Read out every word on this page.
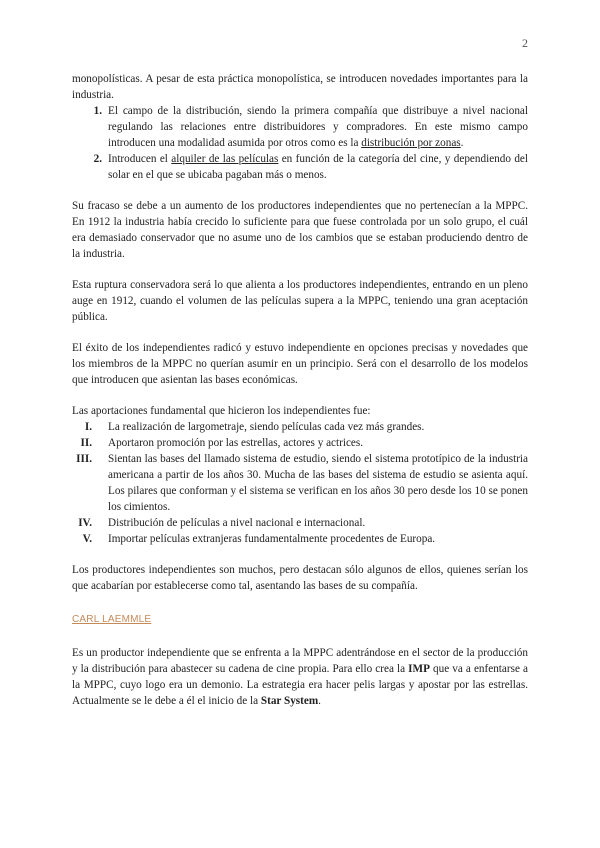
2

monopolísticas. A pesar de esta práctica monopolística, se introducen novedades importantes para la industria.

1. El campo de la distribución, siendo la primera compañía que distribuye a nivel nacional regulando las relaciones entre distribuidores y compradores. En este mismo campo introducen una modalidad asumida por otros como es la distribución por zonas.
2. Introducen el alquiler de las películas en función de la categoría del cine, y dependiendo del solar en el que se ubicaba pagaban más o menos.

Su fracaso se debe a un aumento de los productores independientes que no pertenecían a la MPPC. En 1912 la industria había crecido lo suficiente para que fuese controlada por un solo grupo, el cuál era demasiado conservador que no asume uno de los cambios que se estaban produciendo dentro de la industria.

Esta ruptura conservadora será lo que alienta a los productores independientes, entrando en un pleno auge en 1912, cuando el volumen de las películas supera a la MPPC, teniendo una gran aceptación pública.

El éxito de los independientes radicó y estuvo independiente en opciones precisas y novedades que los miembros de la MPPC no querían asumir en un principio. Será con el desarrollo de los modelos que introducen que asientan las bases económicas.

Las aportaciones fundamental que hicieron los independientes fue:

I. La realización de largometraje, siendo películas cada vez más grandes.
II. Aportaron promoción por las estrellas, actores y actrices.
III. Sientan las bases del llamado sistema de estudio, siendo el sistema prototípico de la industria americana a partir de los años 30. Mucha de las bases del sistema de estudio se asienta aquí. Los pilares que conforman y el sistema se verifican en los años 30 pero desde los 10 se ponen los cimientos.
IV. Distribución de películas a nivel nacional e internacional.
V. Importar películas extranjeras fundamentalmente procedentes de Europa.

Los productores independientes son muchos, pero destacan sólo algunos de ellos, quienes serían los que acabarían por establecerse como tal, asentando las bases de su compañía.

CARL LAEMMLE

Es un productor independiente que se enfrenta a la MPPC adentrándose en el sector de la producción y la distribución para abastecer su cadena de cine propia. Para ello crea la IMP que va a enfentarse a la MPPC, cuyo logo era un demonio. La estrategia era hacer pelis largas y apostar por las estrellas. Actualmente se le debe a él el inicio de la Star System.
